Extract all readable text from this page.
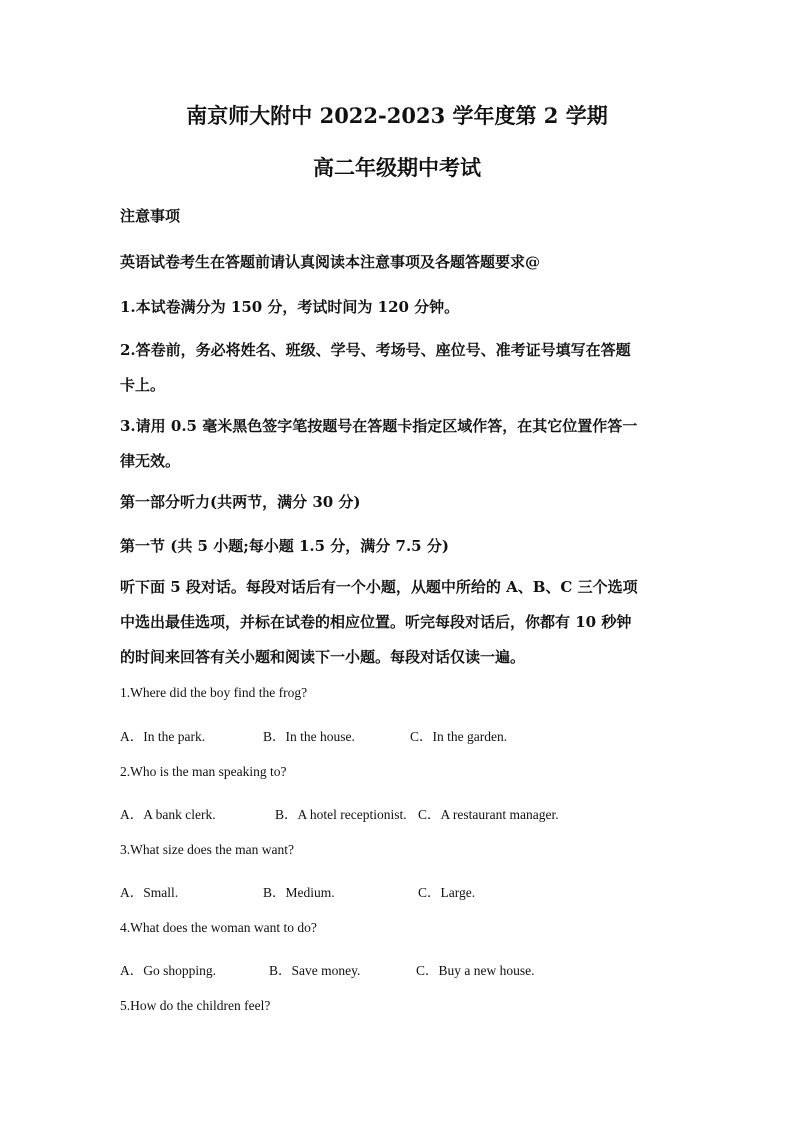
南京师大附中 2022-2023 学年度第 2 学期
高二年级期中考试
注意事项
英语试卷考生在答题前请认真阅读本注意事项及各题答题要求@
1.本试卷满分为 150 分，考试时间为 120 分钟。
2.答卷前，务必将姓名、班级、学号、考场号、座位号、准考证号填写在答题
卡上。
3.请用 0.5 毫米黑色签字笔按题号在答题卡指定区域作答，在其它位置作答一
律无效。
第一部分听力(共两节，满分 30 分)
第一节 (共 5 小题;每小题 1.5 分，满分 7.5 分)
听下面 5 段对话。每段对话后有一个小题，从题中所给的 A、B、C 三个选项
中选出最佳选项，并标在试卷的相应位置。听完每段对话后，你都有 10 秒钟
的时间来回答有关小题和阅读下一小题。每段对话仅读一遍。
1.Where did the boy find the frog?
A．In the park.	B．In the house.	C．In the garden.
2.Who is the man speaking to?
A．A bank clerk.	B．A hotel receptionist. C．A restaurant manager.
3.What size does the man want?
A．Small.	B．Medium.	C．Large.
4.What does the woman want to do?
A．Go shopping.	B．Save money.	C．Buy a new house.
5.How do the children feel?
